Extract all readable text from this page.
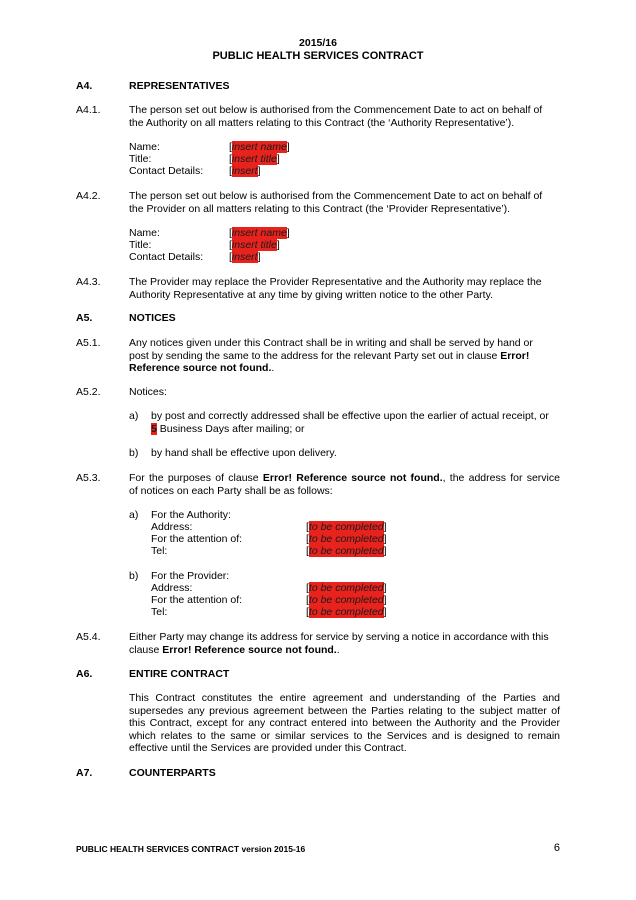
2015/16
PUBLIC HEALTH SERVICES CONTRACT
A4.	REPRESENTATIVES
A4.1.	The person set out below is authorised from the Commencement Date to act on behalf of
the Authority on all matters relating to this Contract (the ‘Authority Representative’).
Name:	[insert name]
Title:	[insert title]
Contact Details: [insert]
A4.2.	The person set out below is authorised from the Commencement Date to act on behalf of
the Provider on all matters relating to this Contract (the ‘Provider Representative’).
Name:	[insert name]
Title:	[insert title]
Contact Details: [insert]
A4.3.	The Provider may replace the Provider Representative and the Authority may replace the
Authority Representative at any time by giving written notice to the other Party.
A5.	NOTICES
A5.1.	Any notices given under this Contract shall be in writing and shall be served by hand or
post by sending the same to the address for the relevant Party set out in clause Error!
Reference source not found..
A5.2.	Notices:
a) by post and correctly addressed shall be effective upon the earlier of actual receipt, or
5 Business Days after mailing; or
b) by hand shall be effective upon delivery.
A5.3.	For the purposes of clause Error! Reference source not found., the address for service
of notices on each Party shall be as follows:
a) For the Authority:
Address:	[to be completed]
For the attention of:	[to be completed]
Tel:	[to be completed]
b) For the Provider:
Address:	[to be completed]
For the attention of:	[to be completed]
Tel:	[to be completed]
A5.4.	Either Party may change its address for service by serving a notice in accordance with this
clause Error! Reference source not found..
A6.	ENTIRE CONTRACT
This Contract constitutes the entire agreement and understanding of the Parties and
supersedes any previous agreement between the Parties relating to the subject matter of
this Contract, except for any contract entered into between the Authority and the Provider
which relates to the same or similar services to the Services and is designed to remain
effective until the Services are provided under this Contract.
A7.	COUNTERPARTS
PUBLIC HEALTH SERVICES CONTRACT version 2015-16	6
